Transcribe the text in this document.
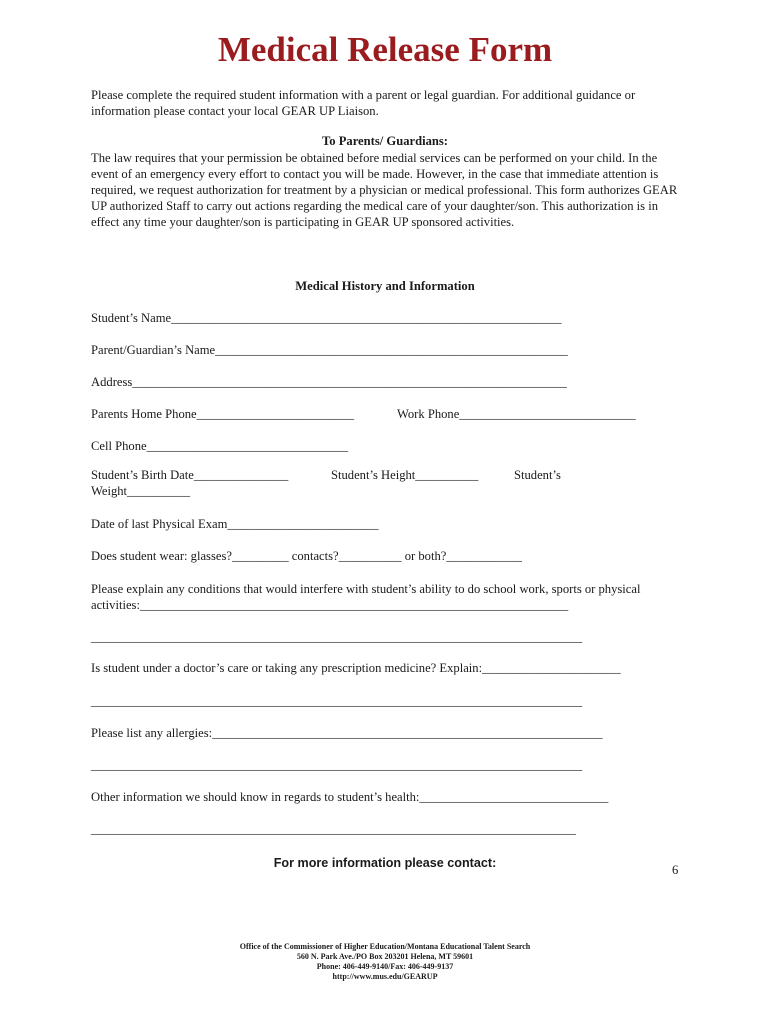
Medical Release Form
Please complete the required student information with a parent or legal guardian. For additional guidance or information please contact your local GEAR UP Liaison.
To Parents/ Guardians:
The law requires that your permission be obtained before medial services can be performed on your child. In the event of an emergency every effort to contact you will be made. However, in the case that immediate attention is required, we request authorization for treatment by a physician or medical professional. This form authorizes GEAR UP authorized Staff to carry out actions regarding the medical care of your daughter/son. This authorization is in effect any time your daughter/son is participating in GEAR UP sponsored activities.
Medical History and Information
Student’s Name______________________________________________________________
Parent/Guardian’s Name________________________________________________________
Address_____________________________________________________________________
Parents Home Phone_________________________	Work Phone____________________________
Cell Phone________________________________
Student’s Birth Date_______________	Student’s Height__________	Student’s
Weight__________
Date of last Physical Exam________________________
Does student wear: glasses?_________ contacts?__________ or both?____________
Please explain any conditions that would interfere with student’s ability to do school work, sports or physical
activities:____________________________________________________________________
______________________________________________________________________________
Is student under a doctor’s care or taking any prescription medicine? Explain:______________________
______________________________________________________________________________
Please list any allergies:______________________________________________________________
______________________________________________________________________________
Other information we should know in regards to student’s health:______________________________
_____________________________________________________________________________
For more information please contact:	6
Office of the Commissioner of Higher Education/Montana Educational Talent Search
560 N. Park Ave./PO Box 203201 Helena, MT 59601
Phone: 406-449-9140/Fax: 406-449-9137
http://www.mus.edu/GEARUP
